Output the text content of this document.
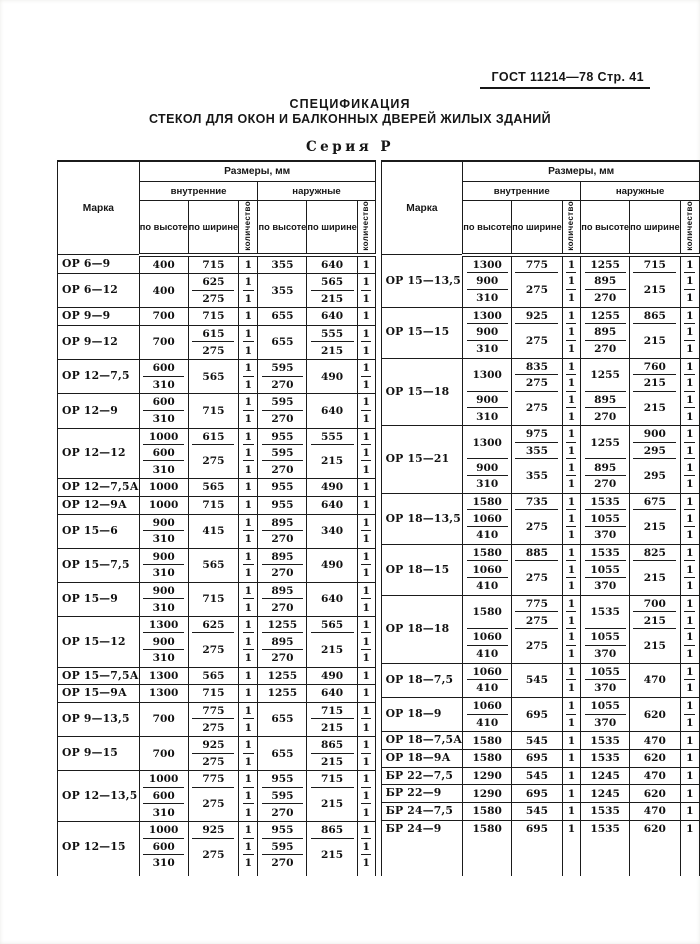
ГОСТ 11214—78 Стр. 41
СПЕЦИФИКАЦИЯ
СТЕКОЛ ДЛЯ ОКОН И БАЛКОННЫХ ДВЕРЕЙ ЖИЛЫХ ЗДАНИЙ
Серия Р
Марка	Размеры, мм					
	внутренние			наружные		
	по высоте	по ширине	количество	по высоте	по ширине	количество
ОР 6—9	400	715	1	355	640	1
ОР 6—12	400	625	1	355	565	1
		275	1		215	1
ОР 9—9	700	715	1	655	640	1
ОР 9—12	700	615	1	655	555	1
		275	1		215	1
ОР 12—7,5	600	565	1	595	490	1
	310		1	270		1
ОР 12—9	600	715	1	595	640	1
	310		1	270		1
ОР 12—12	1000	615	1	955	555	1
	600	275	1	595	215	1
	310		1	270		1
ОР 12—7,5А	1000	565	1	955	490	1
ОР 12—9А	1000	715	1	955	640	1
ОР 15—6	900	415	1	895	340	1
	310		1	270		1
ОР 15—7,5	900	565	1	895	490	1
	310		1	270		1
ОР 15—9	900	715	1	895	640	1
	310		1	270		1
ОР 15—12	1300	625	1	1255	565	1
	900	275	1	895	215	1
	310		1	270		1
ОР 15—7,5А	1300	565	1	1255	490	1
ОР 15—9А	1300	715	1	1255	640	1
ОР 9—13,5	700	775	1	655	715	1
		275	1		215	1
ОР 9—15	700	925	1	655	865	1
		275	1		215	1
ОР 12—13,5	1000	775	1	955	715	1
	600	275	1	595	215	1
	310		1	270		1
ОР 12—15	1000	925	1	955	865	1
	600	275	1	595	215	1
	310		1	270		1

Марка	Размеры, мм					
	внутренние			наружные		
	по высоте	по ширине	количество	по высоте	по ширине	количество
ОР 15—13,5	1300	775	1	1255	715	1
	900	275	1	895	215	1
	310		1	270		1
ОР 15—15	1300	925	1	1255	865	1
	900	275	1	895	215	1
	310		1	270		1
ОР 15—18	1300	835	1	1255	760	1
		275	1		215	1
	900	275	1	895	215	1
	310		1	270		1
ОР 15—21	1300	975	1	1255	900	1
		355	1		295	1
	900	355	1	895	295	1
	310		1	270		1
ОР 18—13,5	1580	735	1	1535	675	1
	1060	275	1	1055	215	1
	410		1	370		1
ОР 18—15	1580	885	1	1535	825	1
	1060	275	1	1055	215	1
	410		1	370		1
ОР 18—18	1580	775	1	1535	700	1
		275	1		215	1
	1060	275	1	1055	215	1
	410		1	370		1
ОР 18—7,5	1060	545	1	1055	470	1
	410		1	370		1
ОР 18—9	1060	695	1	1055	620	1
	410		1	370		1
ОР 18—7,5А	1580	545	1	1535	470	1
ОР 18—9А	1580	695	1	1535	620	1
БР 22—7,5	1290	545	1	1245	470	1
БР 22—9	1290	695	1	1245	620	1
БР 24—7,5	1580	545	1	1535	470	1
БР 24—9	1580	695	1	1535	620	1
